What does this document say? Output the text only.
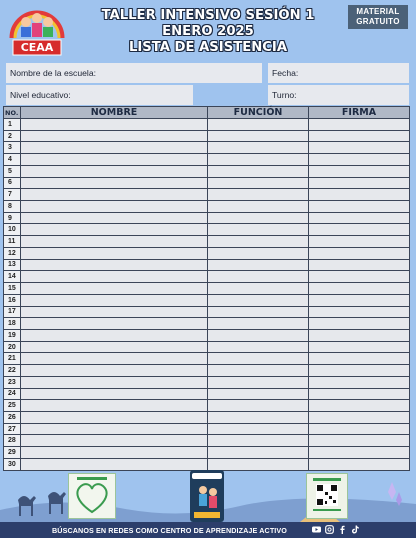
CEAA
MATERIAL
GRATUITO
TALLER INTENSIVO SESIÓN 1
ENERO 2025
LISTA DE ASISTENCIA
Nombre de la escuela:	Fecha:
Nivel educativo:	Turno:
NO.	NOMBRE	FUNCIÓN	FIRMA
1			
2			
3			
4			
5			
6			
7			
8			
9			
10			
11			
12			
13			
14			
15			
16			
17			
18			
19			
20			
21			
22			
23			
24			
25			
26			
27			
28			
29			
30			
BÚSCANOS EN REDES COMO CENTRO DE APRENDIZAJE ACTIVO
